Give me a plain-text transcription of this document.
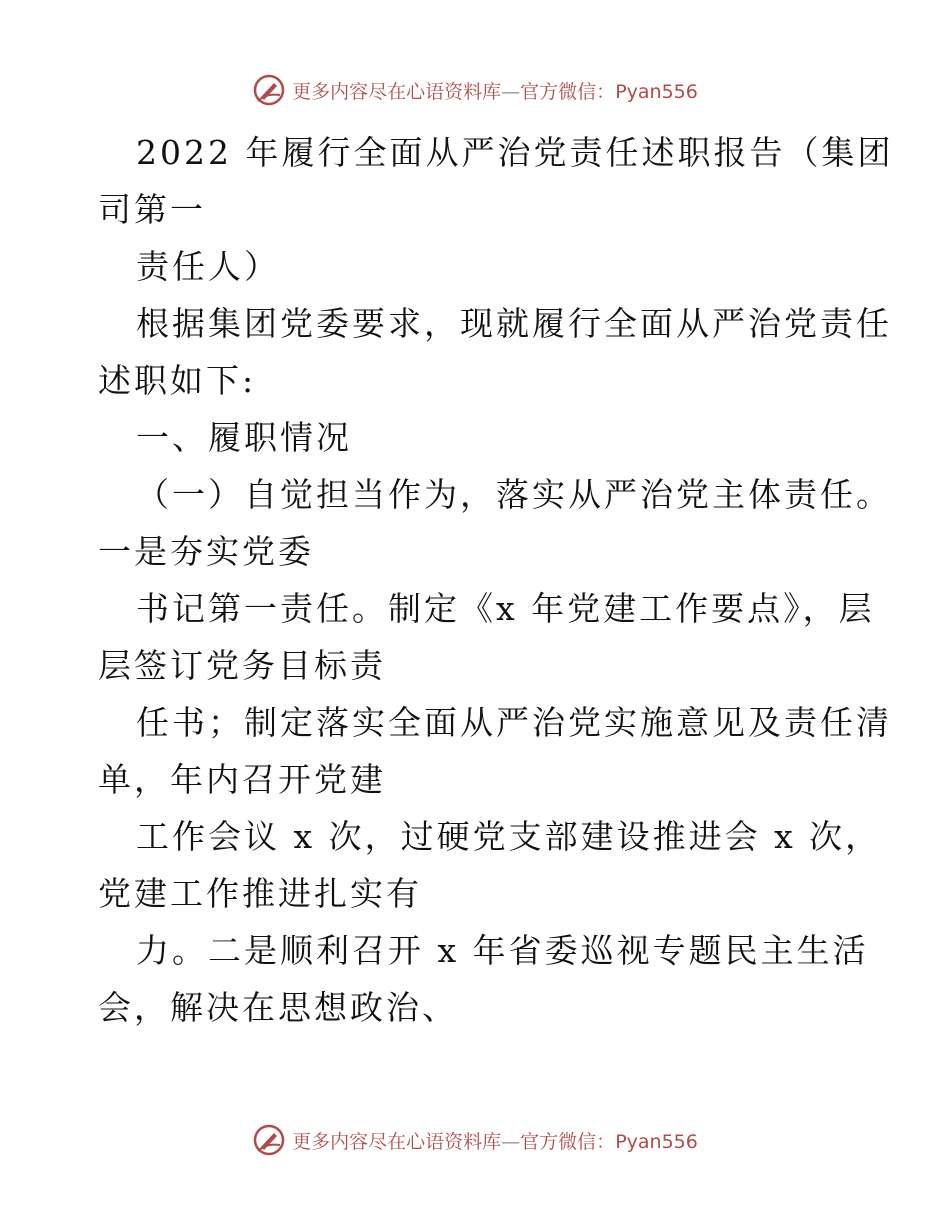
更多内容尽在心语资料库—官方微信：Pyan556
2022 年履行全面从严治党责任述职报告（集团
司第一
责任人）
根据集团党委要求，现就履行全面从严治党责任
述职如下:
一、履职情况
（一）自觉担当作为，落实从严治党主体责任。
一是夯实党委
书记第一责任。制定《x 年党建工作要点》，层
层签订党务目标责
任书；制定落实全面从严治党实施意见及责任清
单，年内召开党建
工作会议 x 次，过硬党支部建设推进会 x 次，
党建工作推进扎实有
力。二是顺利召开 x 年省委巡视专题民主生活
会，解决在思想政治、
更多内容尽在心语资料库—官方微信：Pyan556
